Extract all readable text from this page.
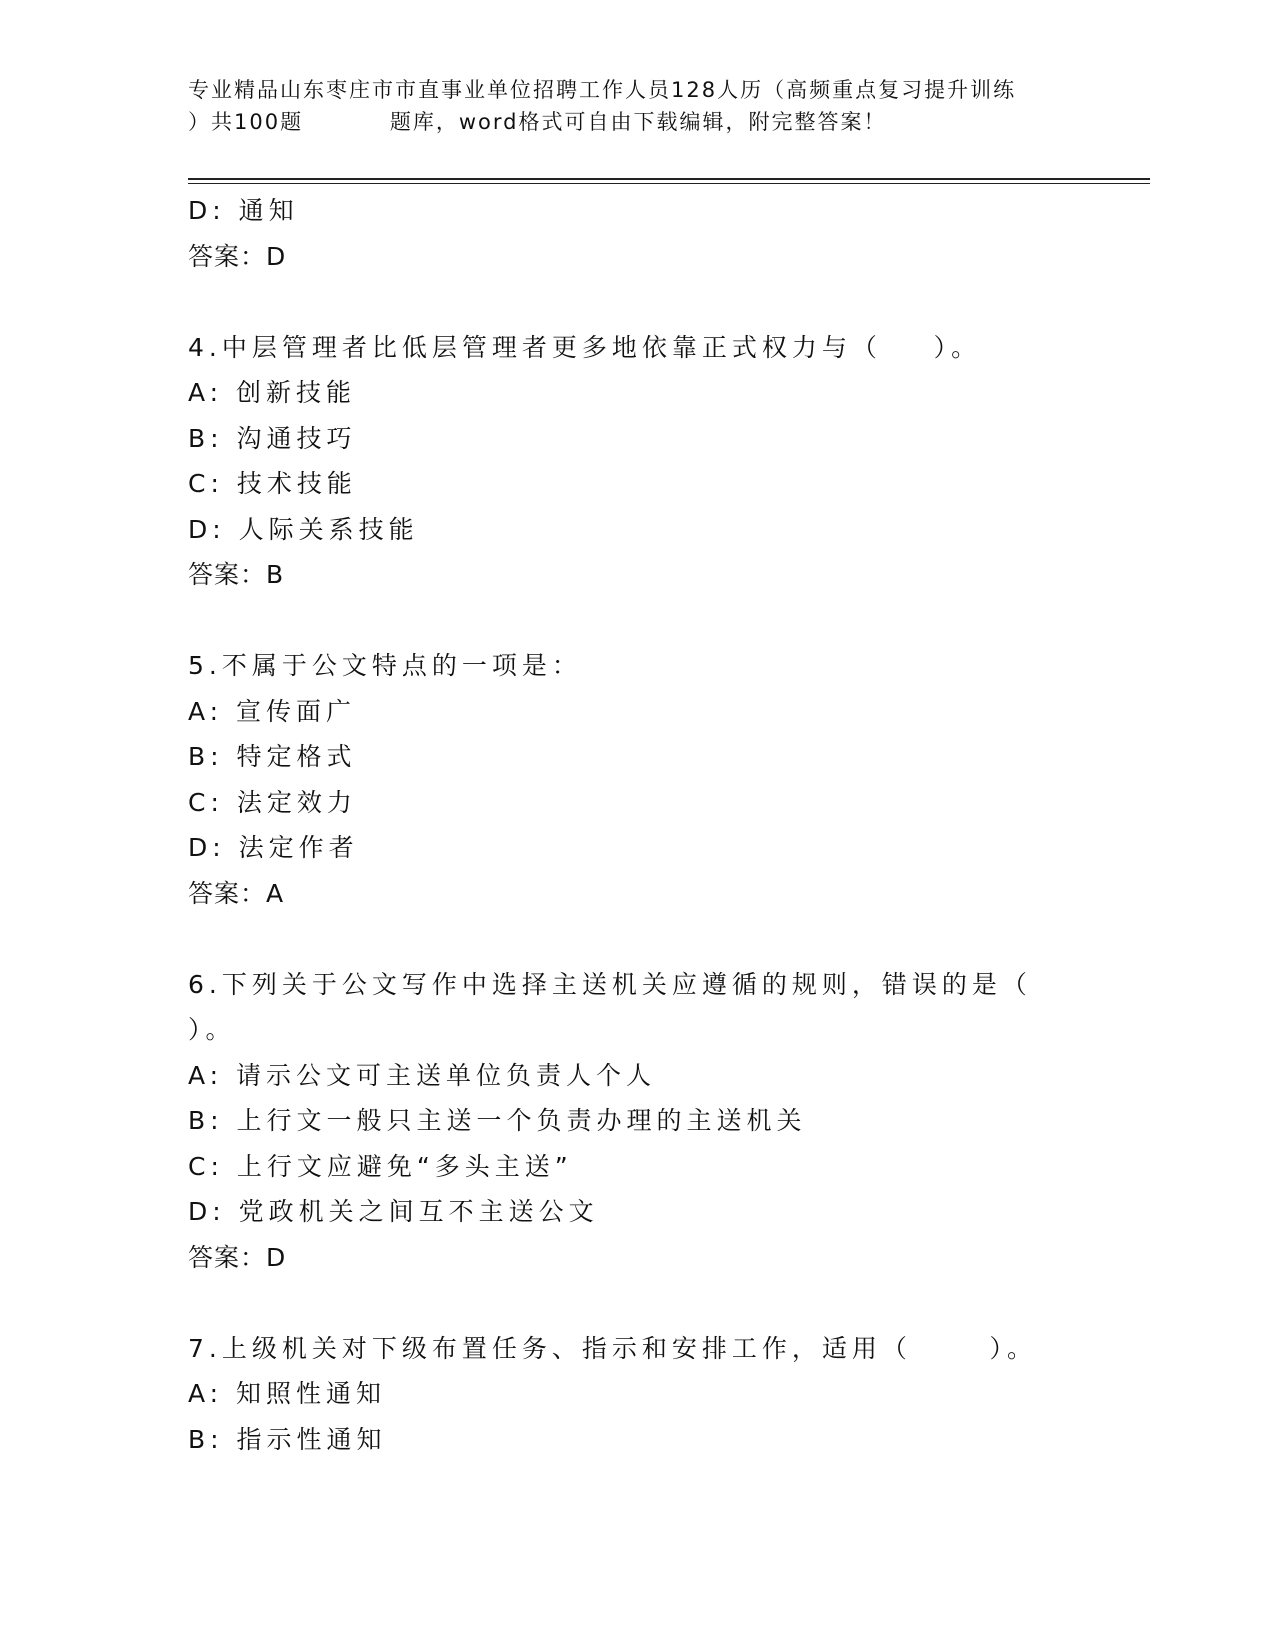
专业精品山东枣庄市市直事业单位招聘工作人员128人历（高频重点复习提升训练
）共100题          题库，word格式可自由下载编辑，附完整答案！
D: 通知
答案：D
4.中层管理者比低层管理者更多地依靠正式权力与（    ）。
A: 创新技能
B: 沟通技巧
C: 技术技能
D: 人际关系技能
答案：B
5.不属于公文特点的一项是：
A: 宣传面广
B: 特定格式
C: 法定效力
D: 法定作者
答案：A
6.下列关于公文写作中选择主送机关应遵循的规则，错误的是（
）。
A: 请示公文可主送单位负责人个人
B: 上行文一般只主送一个负责办理的主送机关
C: 上行文应避免“多头主送”
D: 党政机关之间互不主送公文
答案：D
7.上级机关对下级布置任务、指示和安排工作，适用（      ）。
A: 知照性通知
B: 指示性通知
